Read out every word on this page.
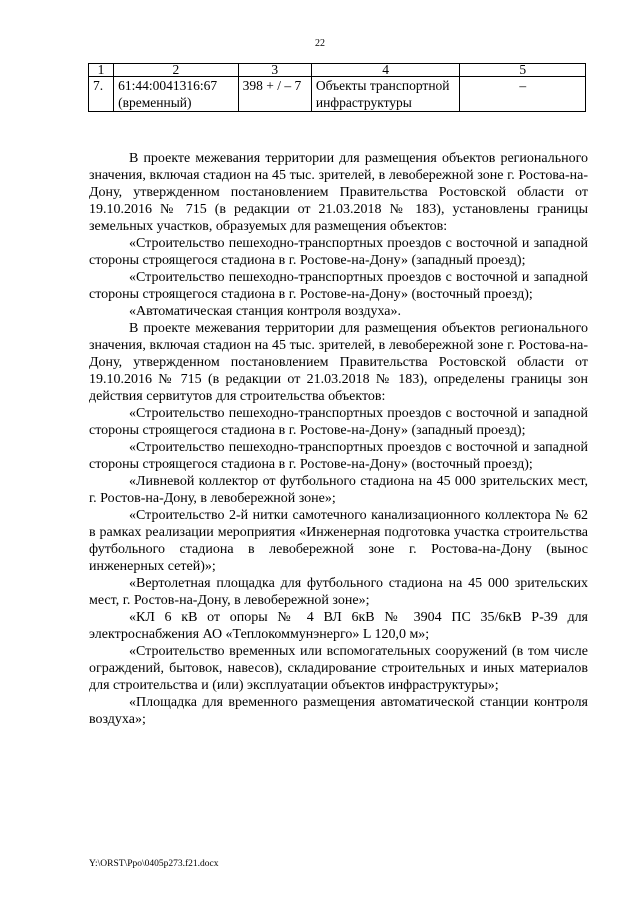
22
1	2	3	4	5
7.	61:44:0041316:67 (временный)	398 + / – 7	Объекты транспортной инфраструктуры	–

В проекте межевания территории для размещения объектов регионального значения, включая стадион на 45 тыс. зрителей, в левобережной зоне г. Ростова-на-Дону, утвержденном постановлением Правительства Ростовской области от 19.10.2016 № 715 (в редакции от 21.03.2018 № 183), установлены границы земельных участков, образуемых для размещения объектов:

«Строительство пешеходно-транспортных проездов с восточной и западной стороны строящегося стадиона в г. Ростове-на-Дону» (западный проезд);

«Строительство пешеходно-транспортных проездов с восточной и западной стороны строящегося стадиона в г. Ростове-на-Дону» (восточный проезд);

«Автоматическая станция контроля воздуха».

В проекте межевания территории для размещения объектов регионального значения, включая стадион на 45 тыс. зрителей, в левобережной зоне г. Ростова-на-Дону, утвержденном постановлением Правительства Ростовской области от 19.10.2016 № 715 (в редакции от 21.03.2018 № 183), определены границы зон действия сервитутов для строительства объектов:

«Строительство пешеходно-транспортных проездов с восточной и западной стороны строящегося стадиона в г. Ростове-на-Дону» (западный проезд);

«Строительство пешеходно-транспортных проездов с восточной и западной стороны строящегося стадиона в г. Ростове-на-Дону» (восточный проезд);

«Ливневой коллектор от футбольного стадиона на 45 000 зрительских мест, г. Ростов-на-Дону, в левобережной зоне»;

«Строительство 2-й нитки самотечного канализационного коллектора № 62 в рамках реализации мероприятия «Инженерная подготовка участка строительства футбольного стадиона в левобережной зоне г. Ростова-на-Дону (вынос инженерных сетей)»;

«Вертолетная площадка для футбольного стадиона на 45 000 зрительских мест, г. Ростов-на-Дону, в левобережной зоне»;

«КЛ 6 кВ от опоры № 4 ВЛ 6кВ № 3904 ПС 35/6кВ Р-39 для электроснабжения АО «Теплокоммунэнерго» L 120,0 м»;

«Строительство временных или вспомогательных сооружений (в том числе ограждений, бытовок, навесов), складирование строительных и иных материалов для строительства и (или) эксплуатации объектов инфраструктуры»;

«Площадка для временного размещения автоматической станции контроля воздуха»;

Y:\ORST\Ppo\0405p273.f21.docx
